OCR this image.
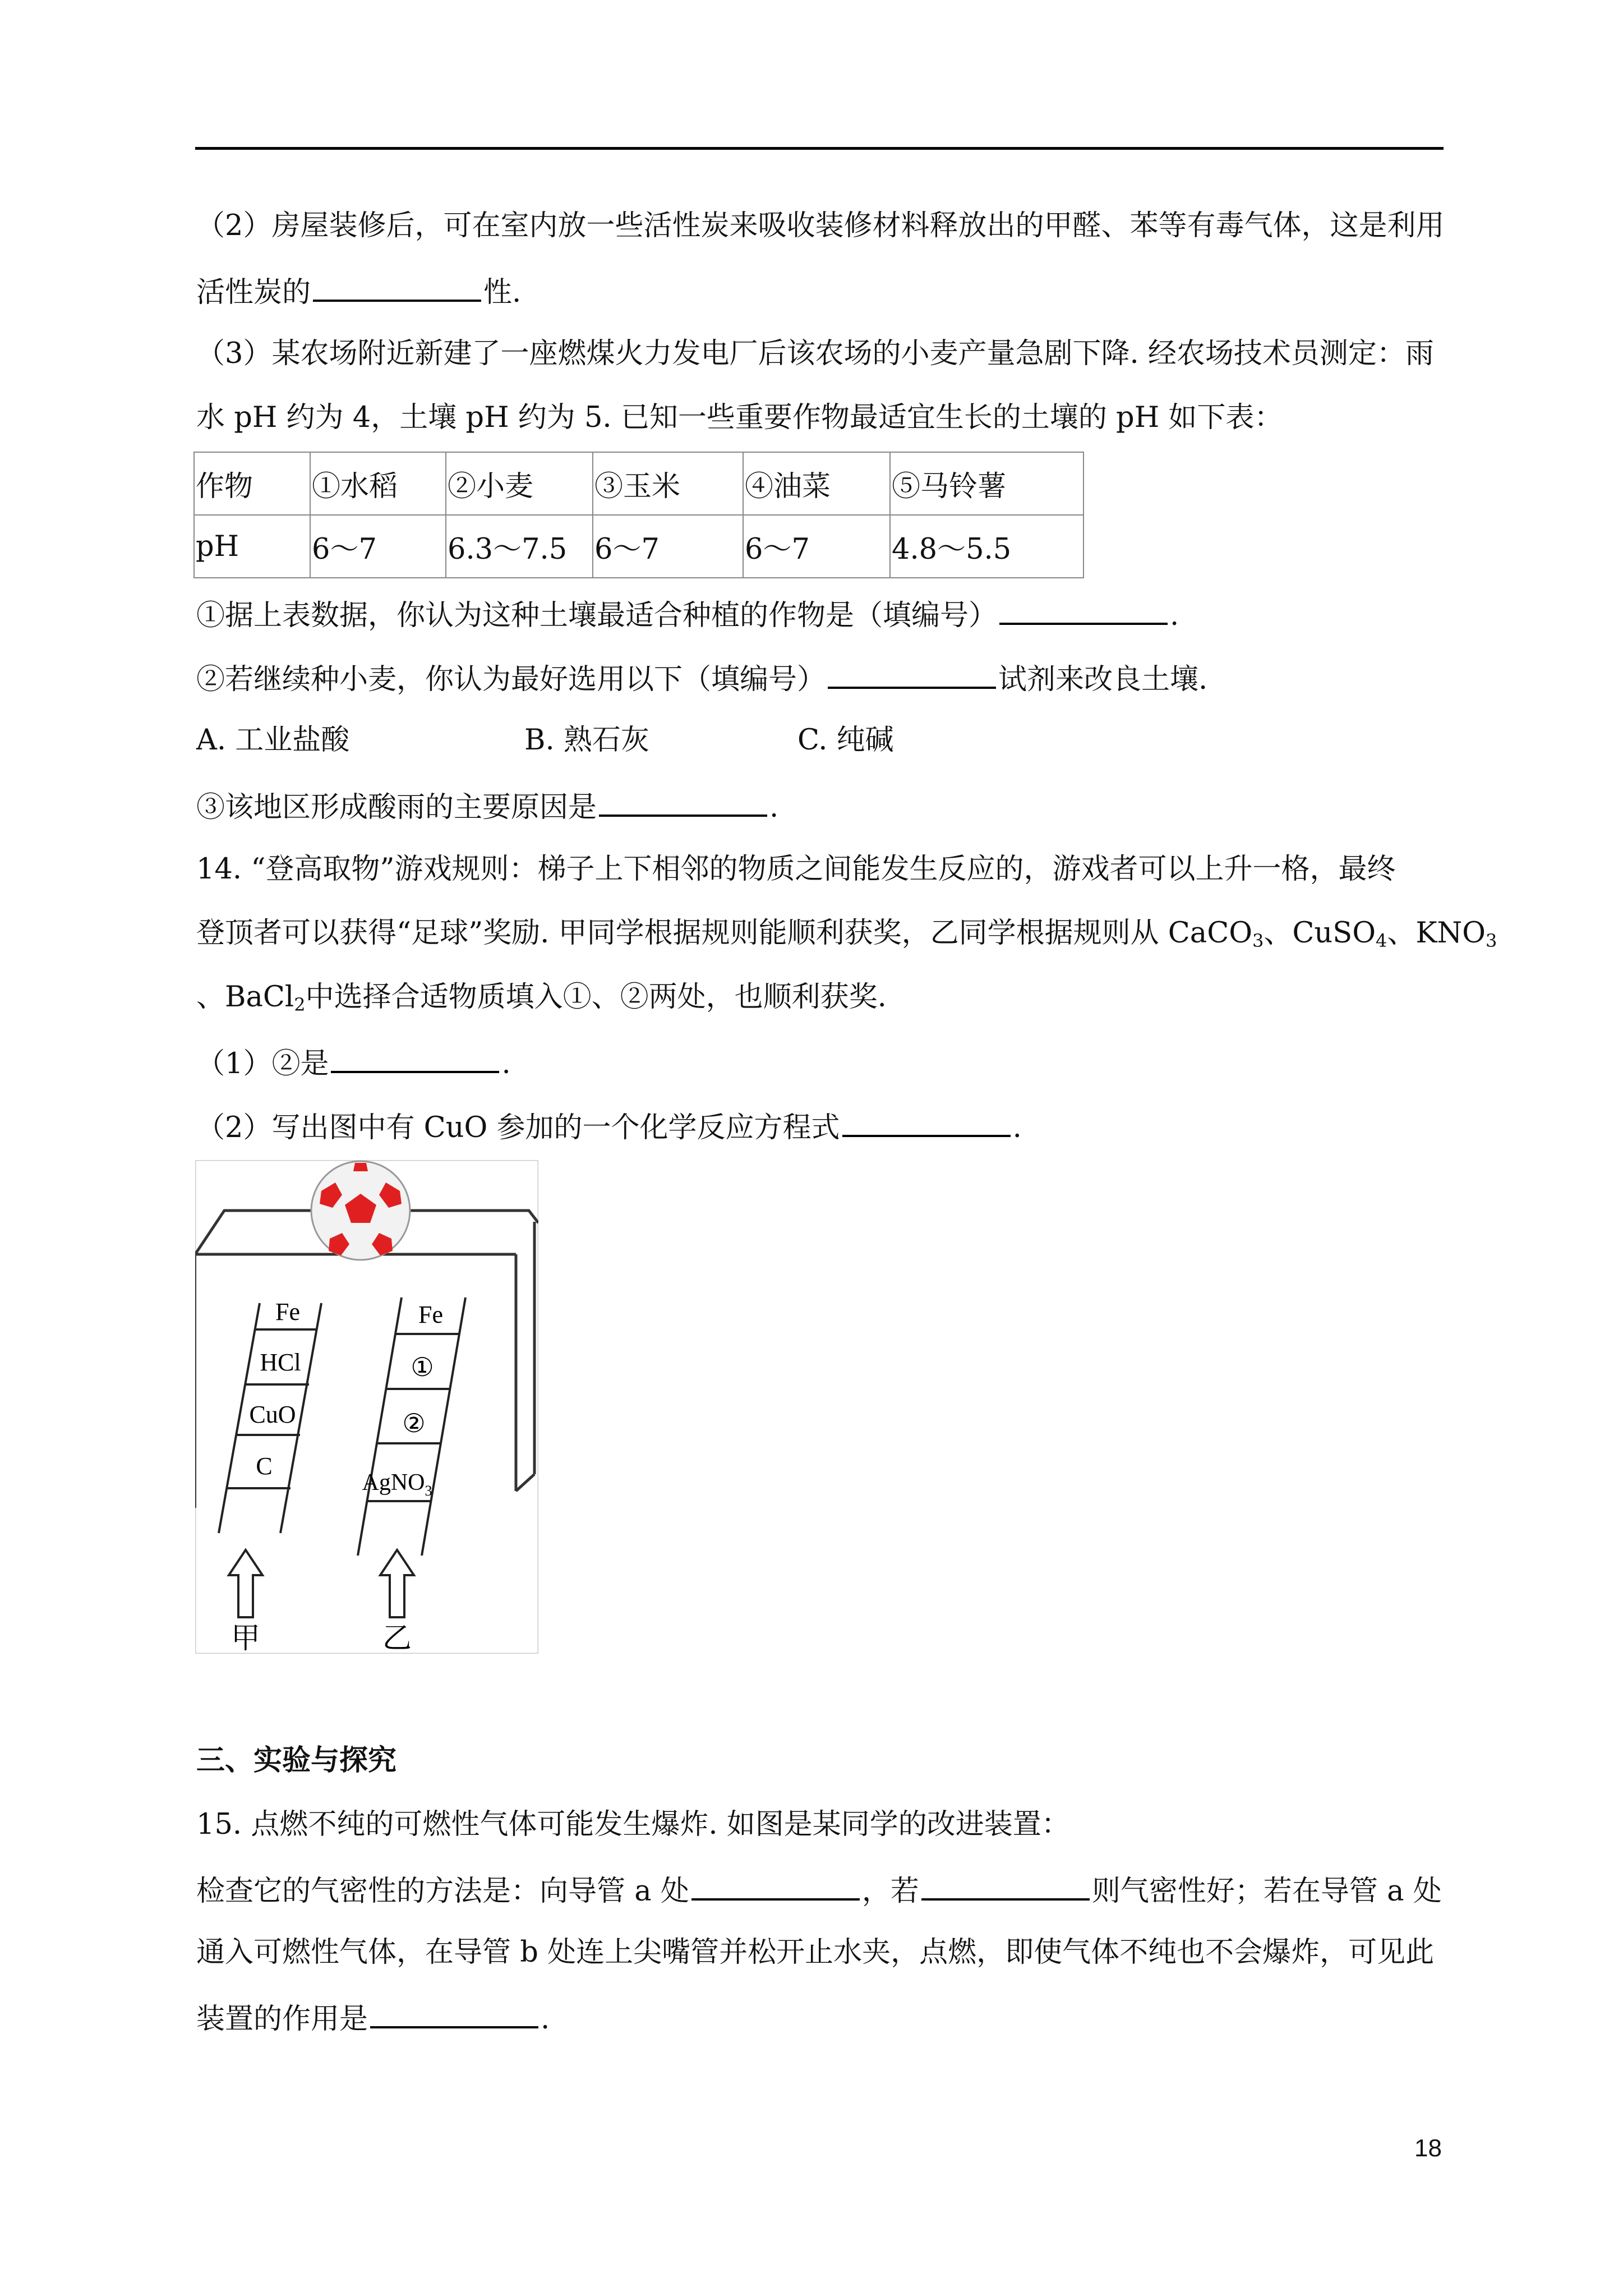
（2）房屋装修后，可在室内放一些活性炭来吸收装修材料释放出的甲醛、苯等有毒气体，这是利用
活性炭的	性.
（3）某农场附近新建了一座燃煤火力发电厂后该农场的小麦产量急剧下降. 经农场技术员测定：雨
水 pH 约为 4，土壤 pH 约为 5. 已知一些重要作物最适宜生长的土壤的 pH 如下表：
作物	①水稻	②小麦	③玉米	④油菜	⑤马铃薯
pH	6～7	6.3～7.5	6～7	6～7	4.8～5.5
①据上表数据，你认为这种土壤最适合种植的作物是（填编号）	.
②若继续种小麦，你认为最好选用以下（填编号）	试剂来改良土壤.
A. 工业盐酸	B. 熟石灰	C. 纯碱
③该地区形成酸雨的主要原因是	.
14. “登高取物”游戏规则：梯子上下相邻的物质之间能发生反应的，游戏者可以上升一格，最终
登顶者可以获得“足球”奖励. 甲同学根据规则能顺利获奖，乙同学根据规则从 CaCO$_3$、CuSO$_4$、$KNO_3$
、BaCl$_2$中选择合适物质填入①、②两处，也顺利获奖.
（1）②是	.
（2）写出图中有 CuO 参加的一个化学反应方程式	.
Fe
HCl
CuO
C
Fe
①
②
AgNO$_3$
甲	乙
三、实验与探究
15. 点燃不纯的可燃性气体可能发生爆炸. 如图是某同学的改进装置：
检查它的气密性的方法是：向导管 a 处	，若	则气密性好；若在导管 a 处
通入可燃性气体，在导管 b 处连上尖嘴管并松开止水夹，点燃，即使气体不纯也不会爆炸，可见此
装置的作用是	.
18
